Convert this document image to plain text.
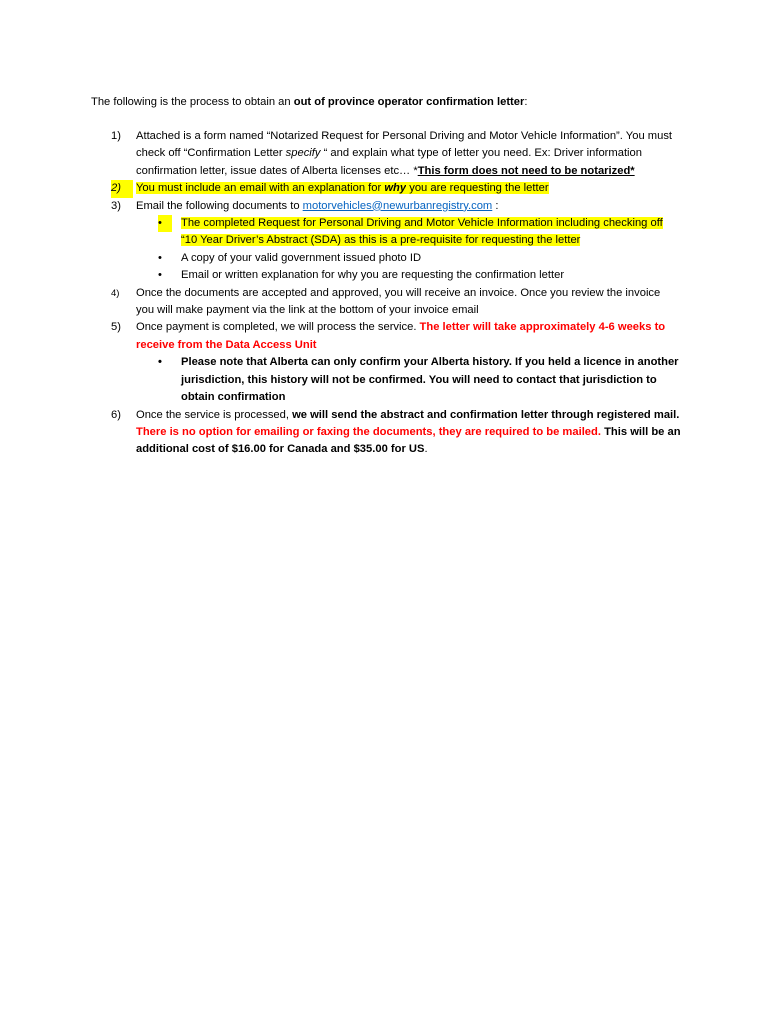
The following is the process to obtain an out of province operator confirmation letter:
1)	Attached is a form named “Notarized Request for Personal Driving and Motor Vehicle Information”. You must check off “Confirmation Letter specify “ and explain what type of letter you need. Ex: Driver information confirmation letter, issue dates of Alberta licenses etc… *This form does not need to be notarized*
2)	You must include an email with an explanation for why you are requesting the letter
3)	Email the following documents to motorvehicles@newurbanregistry.com :
•	The completed Request for Personal Driving and Motor Vehicle Information including checking off “10 Year Driver’s Abstract (SDA) as this is a pre-requisite for requesting the letter
•	A copy of your valid government issued photo ID
•	Email or written explanation for why you are requesting the confirmation letter
4)	Once the documents are accepted and approved, you will receive an invoice. Once you review the invoice you will make payment via the link at the bottom of your invoice email
5)	Once payment is completed, we will process the service. The letter will take approximately 4-6 weeks to receive from the Data Access Unit
•	Please note that Alberta can only confirm your Alberta history. If you held a licence in another jurisdiction, this history will not be confirmed. You will need to contact that jurisdiction to obtain confirmation
6)	Once the service is processed, we will send the abstract and confirmation letter through registered mail. There is no option for emailing or faxing the documents, they are required to be mailed. This will be an additional cost of $16.00 for Canada and $35.00 for US.
